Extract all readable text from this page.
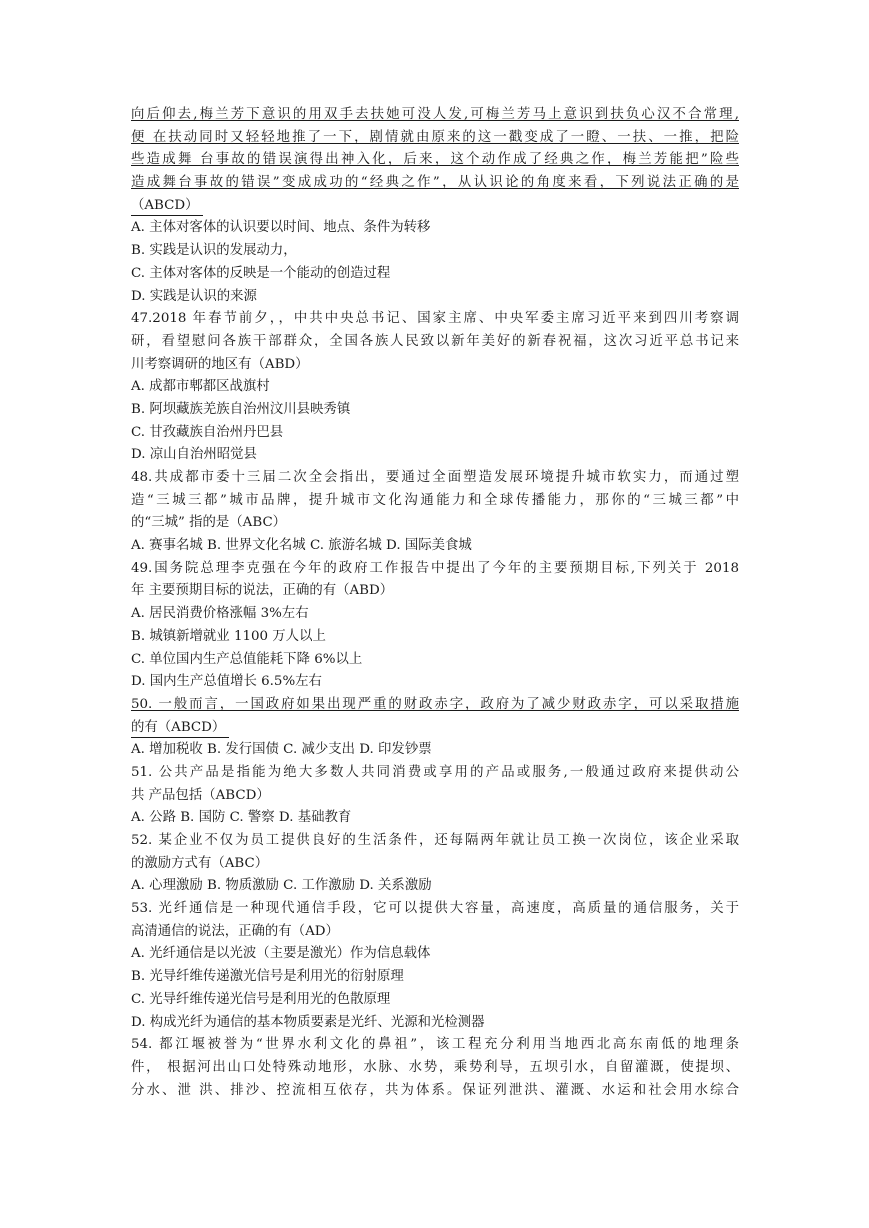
向后仰去,梅兰芳下意识的用双手去扶她可没人发,可梅兰芳马上意识到扶负心汉不合常理,
便 在扶动同时又轻轻地推了一下，剧情就由原来的这一戳变成了一瞪、一扶、一推，把险
些造成舞 台事故的错误演得出神入化，后来，这个动作成了经典之作，梅兰芳能把”险些
造成舞台事故的错误”变成成功的“经典之作”，从认识论的角度来看，下列说法正确的是
（ABCD）
A. 主体对客体的认识要以时间、地点、条件为转移
B. 实践是认识的发展动力，
C. 主体对客体的反映是一个能动的创造过程
D. 实践是认识的来源
47.2018 年春节前夕，，中共中央总书记、国家主席、中央军委主席习近平来到四川考察调
研，看望慰问各族干部群众，全国各族人民致以新年美好的新春祝福，这次习近平总书记来
川考察调研的地区有（ABD）
A. 成都市郫都区战旗村
B. 阿坝藏族羌族自治州汶川县映秀镇
C. 甘孜藏族自治州丹巴县
D. 凉山自治州昭觉县
48.共成都市委十三届二次全会指出，要通过全面塑造发展环境提升城市软实力，而通过塑
造“三城三都”城市品牌，提升城市文化沟通能力和全球传播能力，那你的“三城三都”中
的“三城” 指的是（ABC）
A. 赛事名城 B. 世界文化名城 C. 旅游名城 D. 国际美食城
49.国务院总理李克强在今年的政府工作报告中提出了今年的主要预期目标,下列关于 2018
年 主要预期目标的说法，正确的有（ABD）
A. 居民消费价格涨幅 3%左右
B. 城镇新增就业 1100 万人以上
C. 单位国内生产总值能耗下降 6%以上
D. 国内生产总值增长 6.5%左右
50. 一般而言，一国政府如果出现严重的财政赤字，政府为了减少财政赤字，可以采取措施
的有（ABCD）
A. 增加税收 B. 发行国债 C. 减少支出 D. 印发钞票
51. 公共产品是指能为绝大多数人共同消费或享用的产品或服务,一般通过政府来提供动公
共 产品包括（ABCD）
A. 公路 B. 国防 C. 警察 D. 基础教育
52. 某企业不仅为员工提供良好的生活条件，还每隔两年就让员工换一次岗位，该企业采取
的激励方式有（ABC）
A. 心理激励 B. 物质激励 C. 工作激励 D. 关系激励
53. 光纤通信是一种现代通信手段，它可以提供大容量，高速度，高质量的通信服务，关于
高清通信的说法，正确的有（AD）
A. 光纤通信是以光波（主要是激光）作为信息载体
B. 光导纤维传递激光信号是利用光的衍射原理
C. 光导纤维传递光信号是利用光的色散原理
D. 构成光纤为通信的基本物质要素是光纤、光源和光检测器
54. 都江堰被誉为“世界水利文化的鼻祖”，该工程充分利用当地西北高东南低的地理条
件， 根据河出山口处特殊动地形，水脉、水势，乘势利导，五坝引水，自留灌溉，使提坝、
分水、泄 洪、排沙、控流相互依存，共为体系。保证列泄洪、灌溉、水运和社会用水综合
